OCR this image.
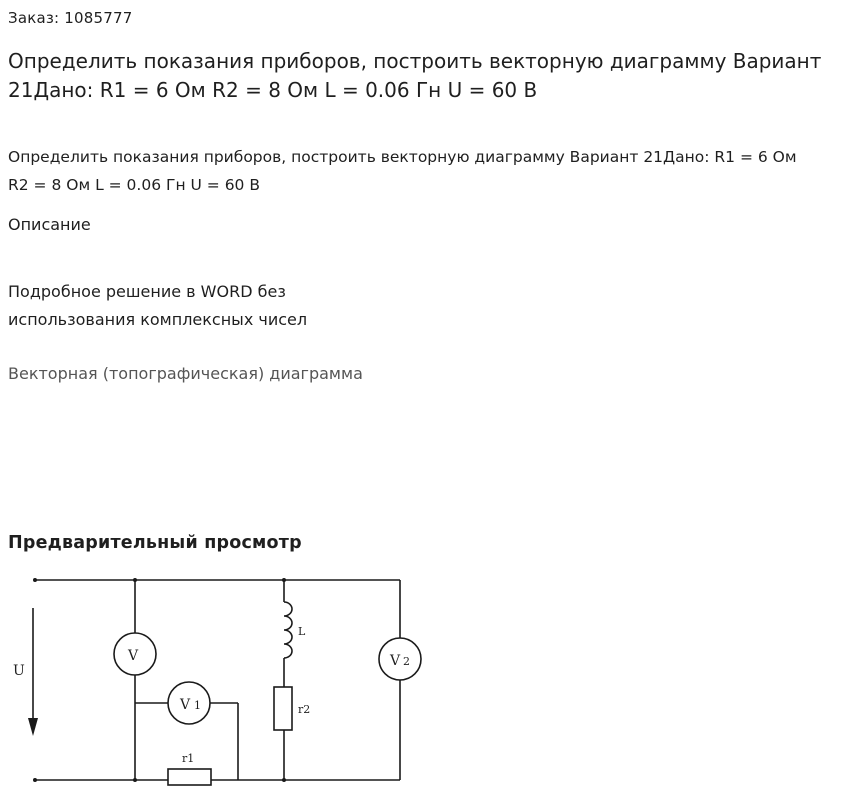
Заказ: 1085777
Определить показания приборов, построить векторную диаграмму Вариант 21Дано: R1 = 6 Ом R2 = 8 Ом L = 0.06 Гн U = 60 В
Определить показания приборов, построить векторную диаграмму Вариант 21Дано: R1 = 6 Ом R2 = 8 Ом L = 0.06 Гн U = 60 В
Описание
Подробное решение в WORD без использования комплексных чисел
Векторная (топографическая) диаграмма
Предварительный просмотр
U
V
V 1
V 2
L
r2
r1
